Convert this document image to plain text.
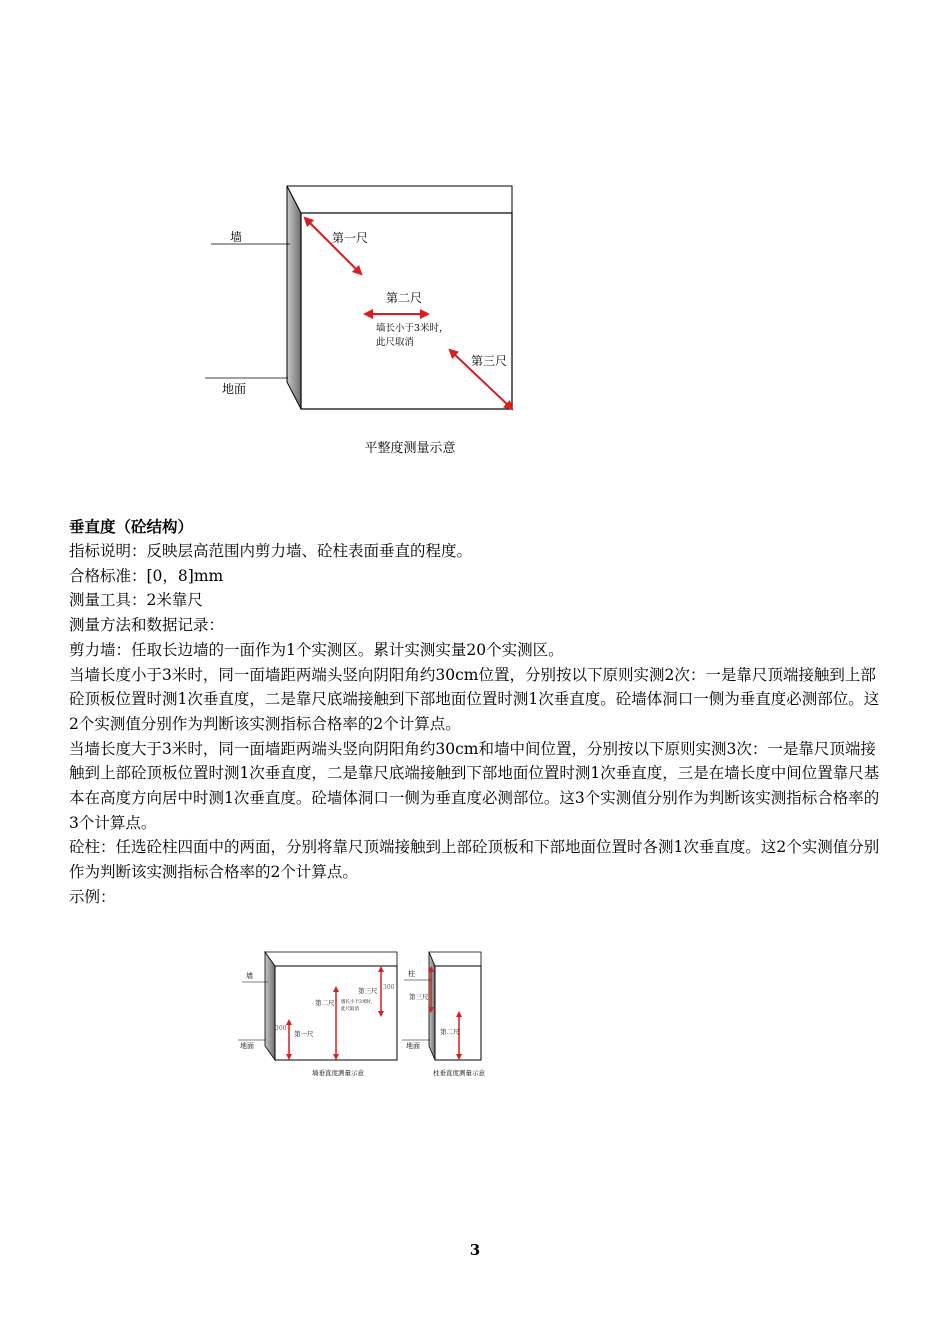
墙
地面
第一尺
第二尺
墙长小于3米时，
此尺取消
第三尺
平整度测量示意
垂直度（砼结构）

指标说明：反映层高范围内剪力墙、砼柱表面垂直的程度。

合格标准：[0，8]mm

测量工具：2米靠尺

测量方法和数据记录：

剪力墙：任取长边墙的一面作为1个实测区。累计实测实量20个实测区。

当墙长度小于3米时，同一面墙距两端头竖向阴阳角约30cm位置，分别按以下原则实测2次：一是靠尺顶端接触到上部砼顶板位置时测1次垂直度，二是靠尺底端接触到下部地面位置时测1次垂直度。砼墙体洞口一侧为垂直度必测部位。这2个实测值分别作为判断该实测指标合格率的2个计算点。

当墙长度大于3米时，同一面墙距两端头竖向阴阳角约30cm和墙中间位置，分别按以下原则实测3次：一是靠尺顶端接触到上部砼顶板位置时测1次垂直度，二是靠尺底端接触到下部地面位置时测1次垂直度，三是在墙长度中间位置靠尺基本在高度方向居中时测1次垂直度。砼墙体洞口一侧为垂直度必测部位。这3个实测值分别作为判断该实测指标合格率的3个计算点。

砼柱：任选砼柱四面中的两面，分别将靠尺顶端接触到上部砼顶板和下部地面位置时各测1次垂直度。这2个实测值分别作为判断该实测指标合格率的2个计算点。

示例：

墙
地面
第一尺
300
第二尺 墙长小于3米时，
此尺取消
第三尺 300
墙垂直度测量示意
柱
地面
第三尺
第二尺
柱垂直度测量示意
3
